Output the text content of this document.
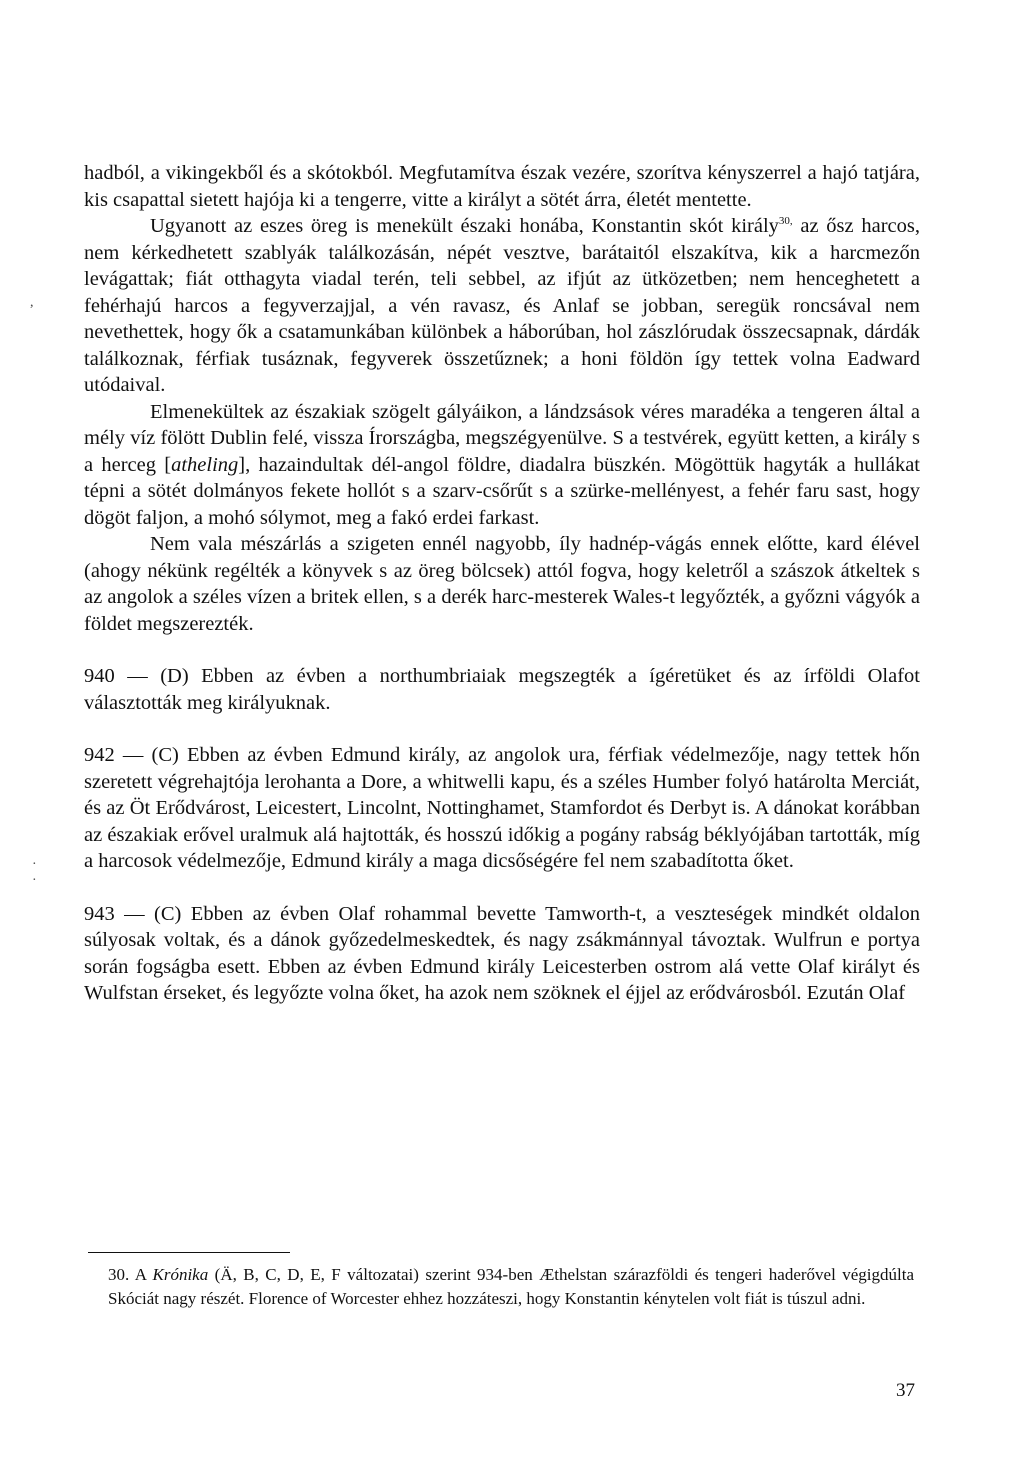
hadból, a vikingekből és a skótokból. Megfutamítva észak vezére, szorítva kényszerrel a hajó tatjára, kis csapattal sietett hajója ki a tengerre, vitte a királyt a sötét árra, életét mentette.

Ugyanott az eszes öreg is menekült északi honába, Konstantin skót király$^{30,}$ az ősz harcos, nem kérkedhetett szablyák találkozásán, népét vesztve, barátaitól elszakítva, kik a harcmezőn levágattak; fiát otthagyta viadal terén, teli sebbel, az ifjút az ütközetben; nem henceghetett a fehérhajú harcos a fegyverzajjal, a vén ravasz, és Anlaf se jobban, seregük roncsával nem nevethettek, hogy ők a csatamunkában különbek a háborúban, hol zászlórudak összecsapnak, dárdák találkoznak, férfiak tusáznak, fegyverek összetűznek; a honi földön így tettek volna Eadward utódaival.

Elmenekültek az északiak szögelt gályáikon, a lándzsások véres maradéka a tengeren által a mély víz fölött Dublin felé, vissza Írországba, megszégyenülve. S a testvérek, együtt ketten, a király s a herceg [atheling], hazaindultak dél-angol földre, diadalra büszkén. Mögöttük hagyták a hullákat tépni a sötét dolmányos fekete hollót s a szarv-csőrűt s a szürke-mellényest, a fehér faru sast, hogy dögöt faljon, a mohó sólymot, meg a fakó erdei farkast.

Nem vala mészárlás a szigeten ennél nagyobb, íly hadnép-vágás ennek előtte, kard élével (ahogy nékünk regélték a könyvek s az öreg bölcsek) attól fogva, hogy keletről a szászok átkeltek s az angolok a széles vízen a britek ellen, s a derék harc-mesterek Wales-t legyőzték, a győzni vágyók a földet megszerezték.

940 — (D) Ebben az évben a northumbriaiak megszegték a ígéretüket és az írföldi Olafot választották meg királyuknak.

942 — (C) Ebben az évben Edmund király, az angolok ura, férfiak védelmezője, nagy tettek hőn szeretett végrehajtója lerohanta a Dore, a whitwelli kapu, és a széles Humber folyó határolta Merciát, és az Öt Erődvárost, Leicestert, Lincolnt, Nottinghamet, Stamfordot és Derbyt is. A dánokat korábban az északiak erővel uralmuk alá hajtották, és hosszú időkig a pogány rabság béklyójában tartották, míg a harcosok védelmezője, Edmund király a maga dicsőségére fel nem szabadította őket.

943 — (C) Ebben az évben Olaf rohammal bevette Tamworth-t, a veszteségek mindkét oldalon súlyosak voltak, és a dánok győzedelmeskedtek, és nagy zsákmánnyal távoztak. Wulfrun e portya során fogságba esett. Ebben az évben Edmund király Leicesterben ostrom alá vette Olaf királyt és Wulfstan érseket, és legyőzte volna őket, ha azok nem szöknek el éjjel az erődvárosból. Ezután Olaf

30. A Krónika (Ä, B, C, D, E, F változatai) szerint 934-ben Æthelstan szárazföldi és tengeri haderővel végigdúlta Skóciát nagy részét. Florence of Worcester ehhez hozzáteszi, hogy Konstantin kénytelen volt fiát is túszul adni.

37
,
·
·
